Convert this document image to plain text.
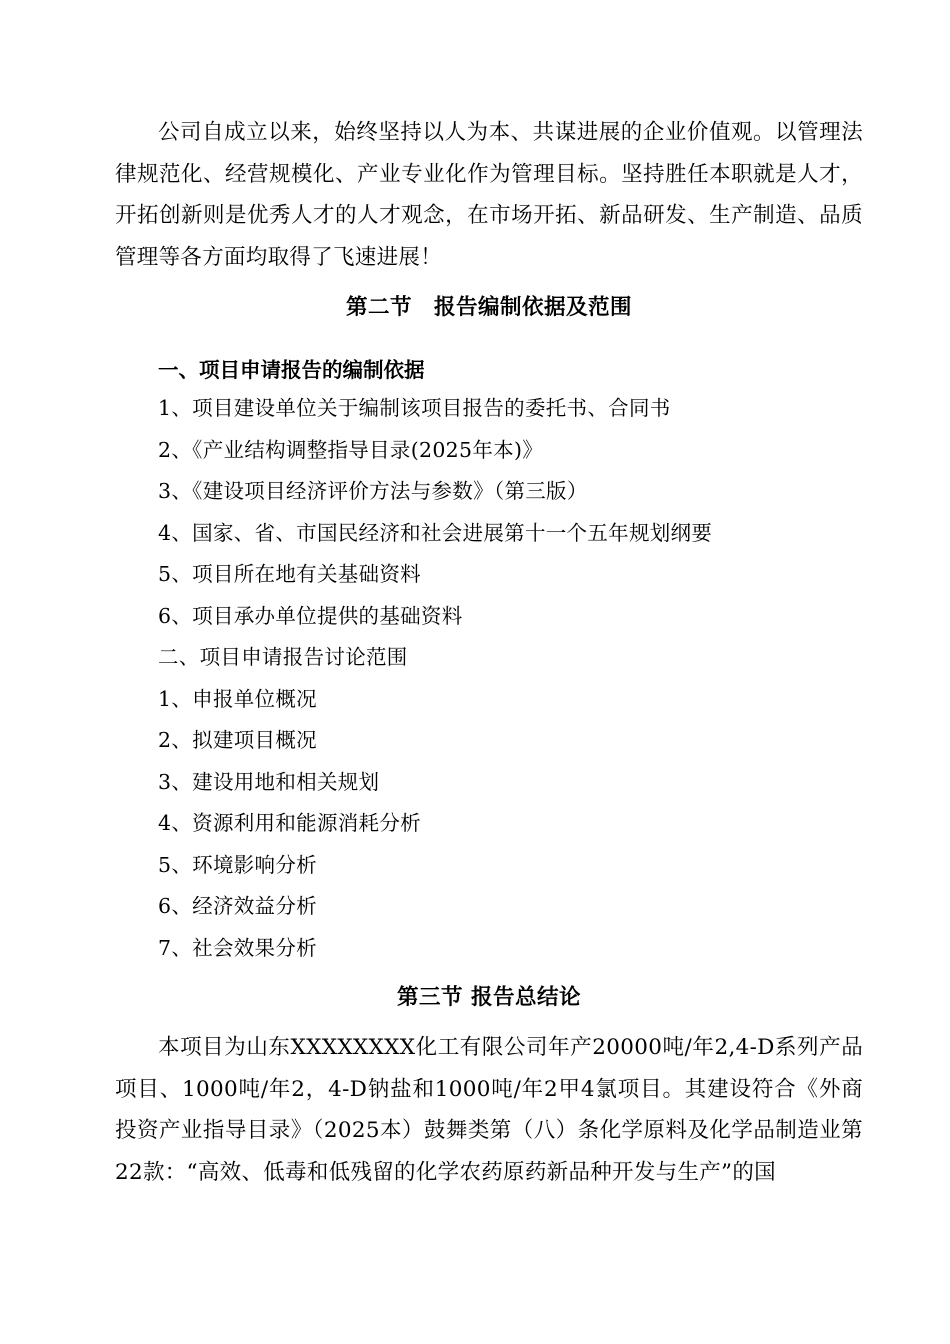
公司自成立以来，始终坚持以人为本、共谋进展的企业价值观。以管理法律规范化、经营规模化、产业专业化作为管理目标。坚持胜任本职就是人才，开拓创新则是优秀人才的人才观念，在市场开拓、新品研发、生产制造、品质管理等各方面均取得了飞速进展！

第二节　报告编制依据及范围
一、项目申请报告的编制依据

1、项目建设单位关于编制该项目报告的委托书、合同书

2、《产业结构调整指导目录(2025年本)》

3、《建设项目经济评价方法与参数》（第三版）

4、国家、省、市国民经济和社会进展第十一个五年规划纲要

5、项目所在地有关基础资料

6、项目承办单位提供的基础资料

二、项目申请报告讨论范围

1、申报单位概况

2、拟建项目概况

3、建设用地和相关规划

4、资源利用和能源消耗分析

5、环境影响分析

6、经济效益分析

7、社会效果分析

第三节 报告总结论

本项目为山东XXXXXXXX化工有限公司年产20000吨/年2,4-D系列产品项目、1000吨/年2，4-D钠盐和1000吨/年2甲4氯项目。其建设符合《外商投资产业指导目录》（2025本）鼓舞类第（八）条化学原料及化学品制造业第22款：“高效、低毒和低残留的化学农药原药新品种开发与生产”的国
